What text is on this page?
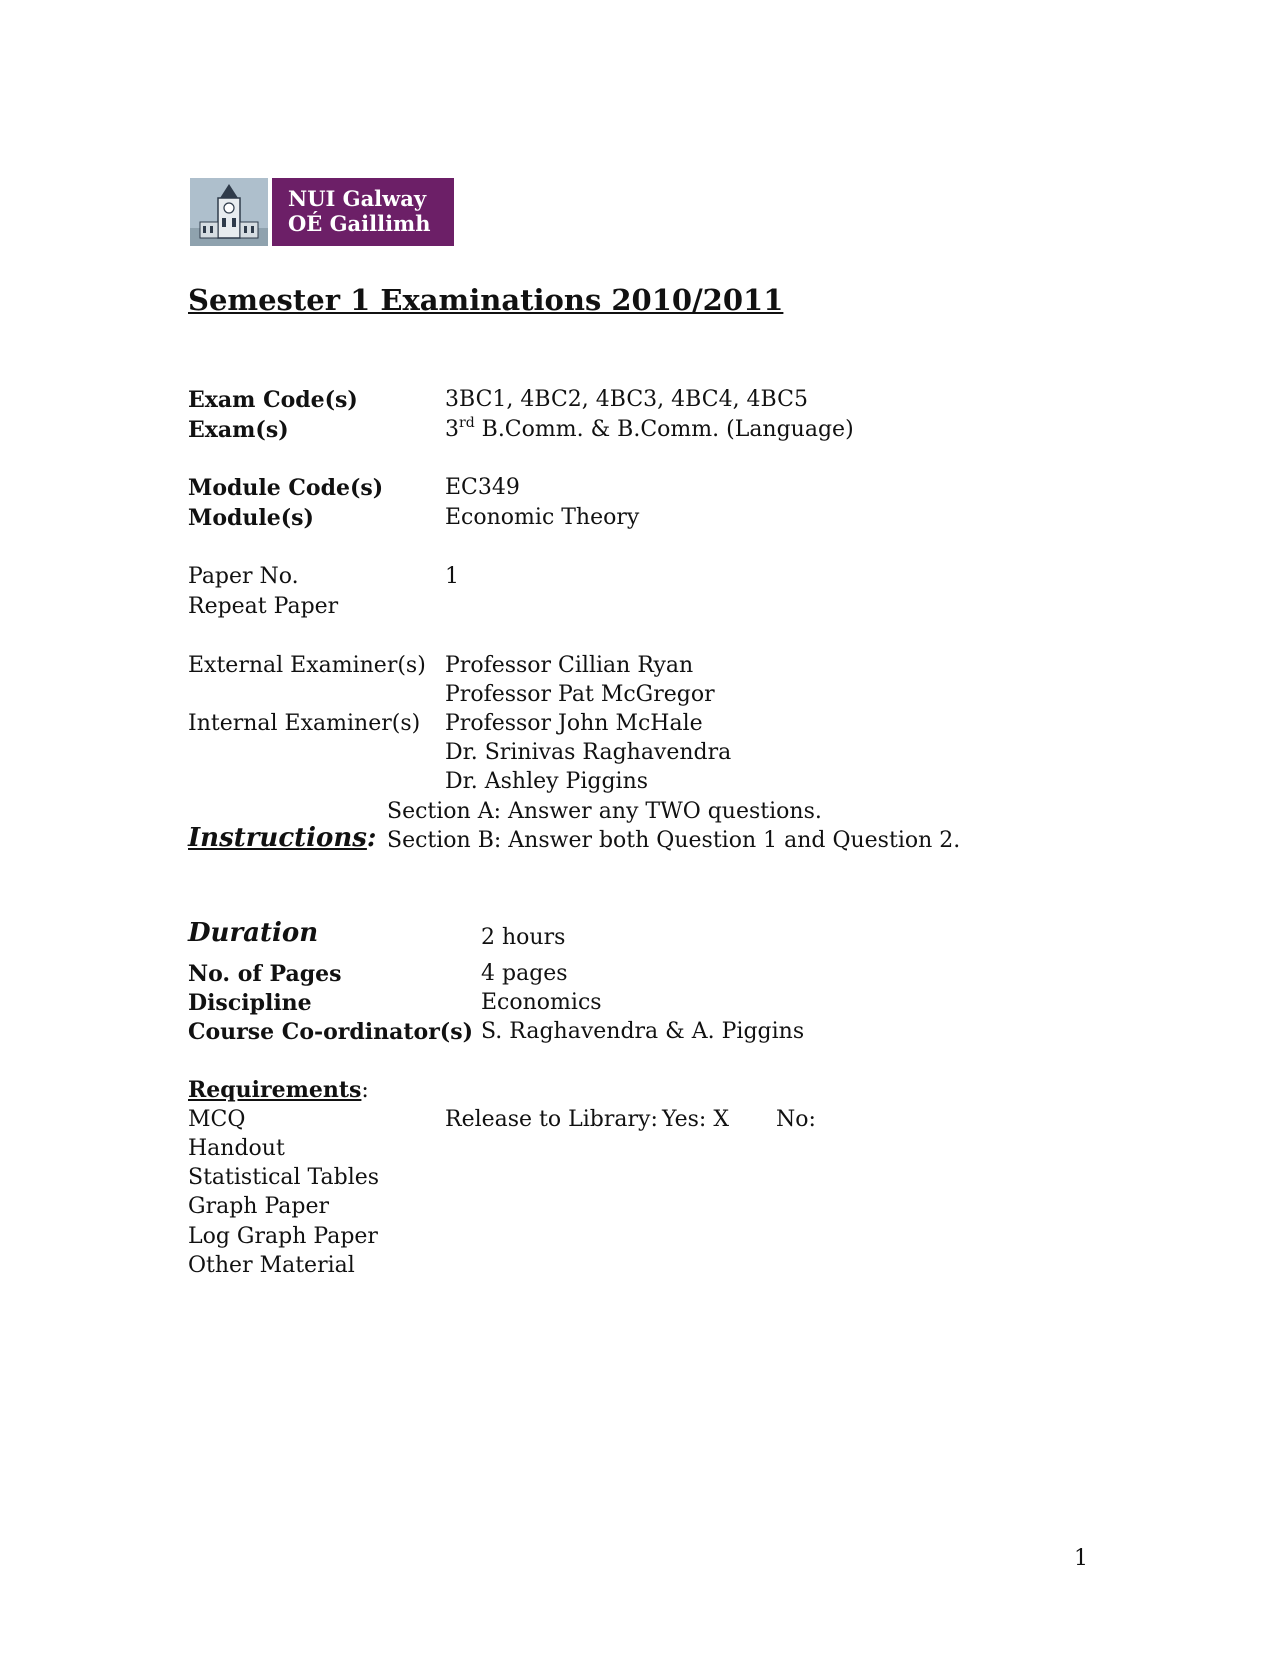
NUI Galway
OÉ Gaillimh
Semester 1 Examinations 2010/2011
Exam Code(s)	3BC1, 4BC2, 4BC3, 4BC4, 4BC5
Exam(s)	3rd B.Comm. & B.Comm. (Language)
Module Code(s)	EC349
Module(s)	Economic Theory
Paper No.	1
Repeat Paper
External Examiner(s) Professor Cillian Ryan
Professor Pat McGregor
Internal Examiner(s) Professor John McHale
Dr. Srinivas Raghavendra
Dr. Ashley Piggins
Section A: Answer any TWO questions.
Instructions: Section B: Answer both Question 1 and Question 2.
Duration	2 hours
No. of Pages	4 pages
Discipline	Economics
Course Co-ordinator(s) S. Raghavendra & A. Piggins
Requirements:
MCQ
Handout
Statistical Tables
Graph Paper
Log Graph Paper
Other Material
Release to Library: Yes: X No:
1
